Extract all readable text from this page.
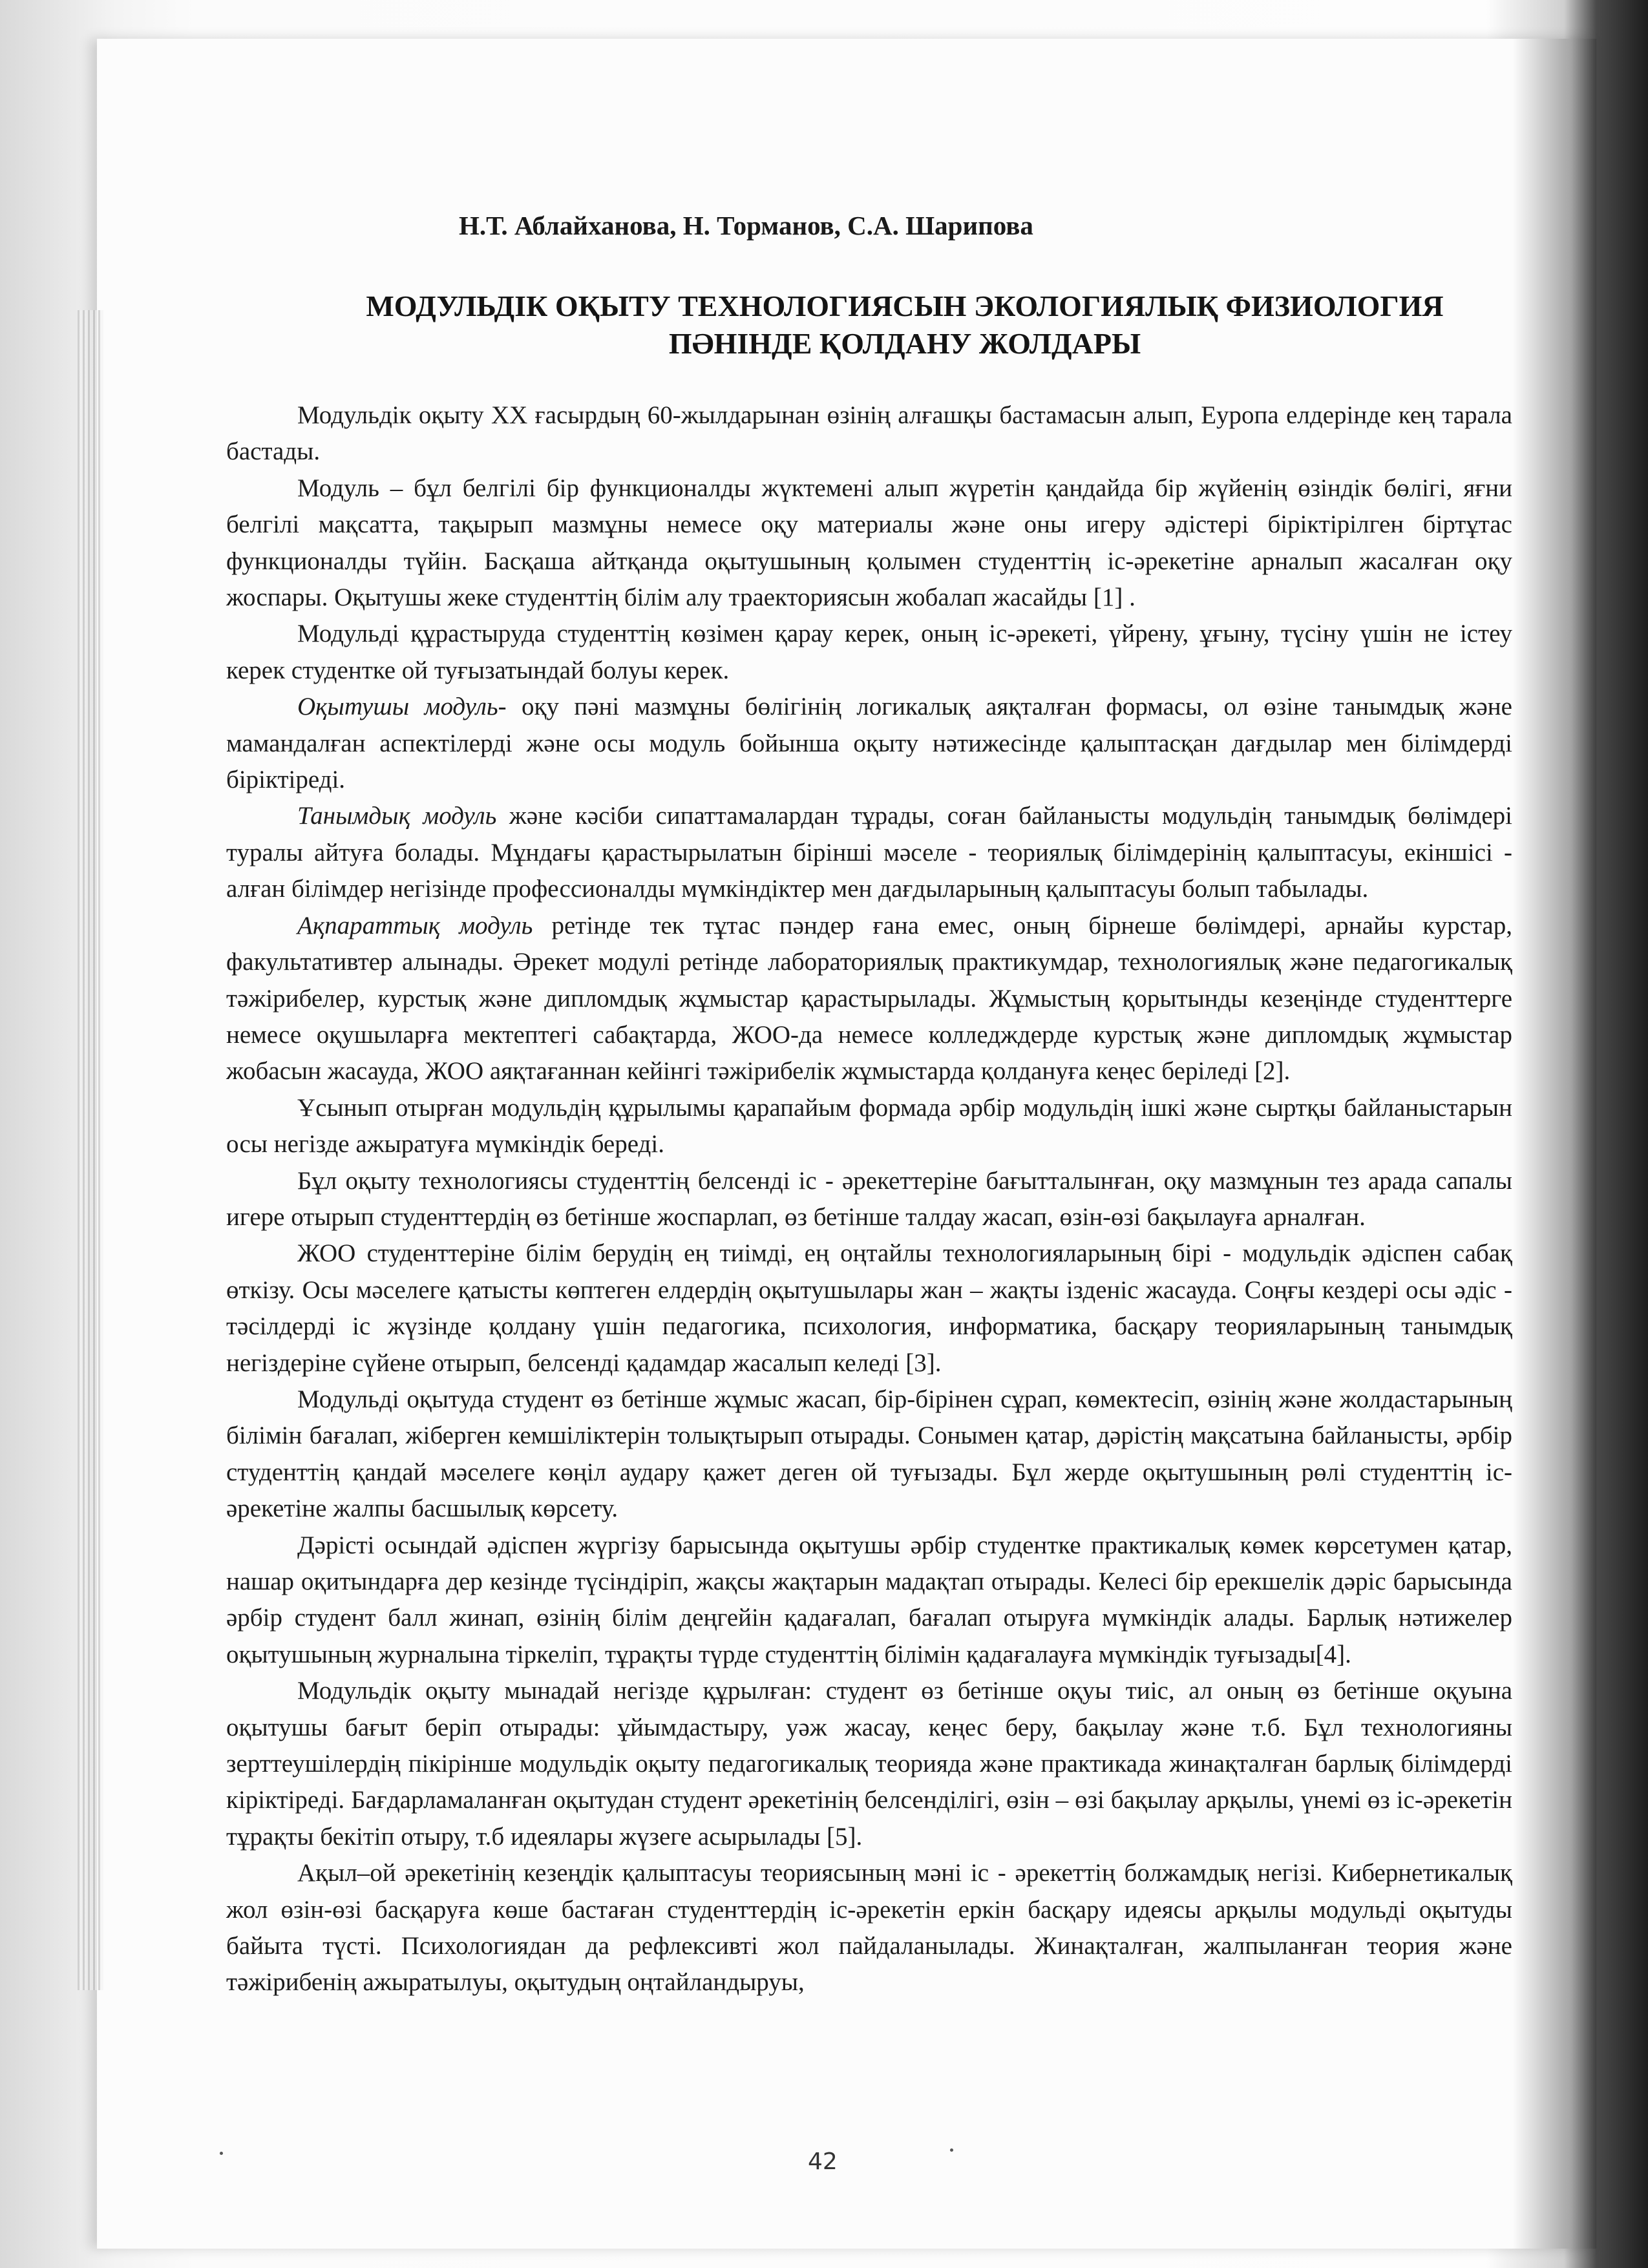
Н.Т. Аблайханова, Н. Торманов, С.А. Шарипова
МОДУЛЬДІК ОҚЫТУ ТЕХНОЛОГИЯСЫН ЭКОЛОГИЯЛЫҚ ФИЗИОЛОГИЯ
ПӘНІНДЕ ҚОЛДАНУ ЖОЛДАРЫ

Модульдік оқыту ХХ ғасырдың 60-жылдарынан өзінің алғашқы бастамасын алып, Еуропа елдерінде кең тарала бастады.

Модуль – бұл белгілі бір функционалды жүктемені алып жүретін қандайда бір жүйенің өзіндік бөлігі, яғни белгілі мақсатта, тақырып мазмұны немесе оқу материалы және оны игеру әдістері біріктірілген біртұтас функционалды түйін. Басқаша айтқанда оқытушының қолымен студенттің іс-әрекетіне арналып жасалған оқу жоспары. Оқытушы жеке студенттің білім алу траекториясын жобалап жасайды [1] .

Модульді құрастыруда студенттің көзімен қарау керек, оның іс-әрекеті, үйрену, ұғыну, түсіну үшін не істеу керек студентке ой туғызатындай болуы керек.

Оқытушы модуль- оқу пәні мазмұны бөлігінің логикалық аяқталған формасы, ол өзіне танымдық және мамандалған аспектілерді және осы модуль бойынша оқыту нәтижесінде қалыптасқан дағдылар мен білімдерді біріктіреді.

Танымдық модуль және кәсіби сипаттамалардан тұрады, соған байланысты модульдің танымдық бөлімдері туралы айтуға болады. Мұндағы қарастырылатын бірінші мәселе - теориялық білімдерінің қалыптасуы, екіншісі - алған білімдер негізінде профессионалды мүмкіндіктер мен дағдыларының қалыптасуы болып табылады.

Ақпараттық модуль ретінде тек тұтас пәндер ғана емес, оның бірнеше бөлімдері, арнайы курстар, факультативтер алынады. Әрекет модулі ретінде лабораториялық практикумдар, технологиялық және педагогикалық тәжірибелер, курстық және дипломдық жұмыстар қарастырылады. Жұмыстың қорытынды кезеңінде студенттерге немесе оқушыларға мектептегі сабақтарда, ЖОО-да немесе колледждерде курстық және дипломдық жұмыстар жобасын жасауда, ЖОО аяқтағаннан кейінгі тәжірибелік жұмыстарда қолдануға кеңес беріледі [2].

Ұсынып отырған модульдің құрылымы қарапайым формада әрбір модульдің ішкі және сыртқы байланыстарын осы негізде ажыратуға мүмкіндік береді.

Бұл оқыту технологиясы студенттің белсенді іс - әрекеттеріне бағытталынған, оқу мазмұнын тез арада сапалы игере отырып студенттердің өз бетінше жоспарлап, өз бетінше талдау жасап, өзін-өзі бақылауға арналған.

ЖОО студенттеріне білім берудің ең тиімді, ең оңтайлы технологияларының бірі - модульдік әдіспен сабақ өткізу. Осы мәселеге қатысты көптеген елдердің оқытушылары жан – жақты ізденіс жасауда. Соңғы кездері осы әдіс - тәсілдерді іс жүзінде қолдану үшін педагогика, психология, информатика, басқару теорияларының танымдық негіздеріне сүйене отырып, белсенді қадамдар жасалып келеді [3].

Модульді оқытуда студент өз бетінше жұмыс жасап, бір-бірінен сұрап, көмектесіп, өзінің және жолдастарының білімін бағалап, жіберген кемшіліктерін толықтырып отырады. Сонымен қатар, дәрістің мақсатына байланысты, әрбір студенттің қандай мәселеге көңіл аудару қажет деген ой туғызады. Бұл жерде оқытушының рөлі студенттің іс-әрекетіне жалпы басшылық көрсету.

Дәрісті осындай әдіспен жүргізу барысында оқытушы әрбір студентке практикалық көмек көрсетумен қатар, нашар оқитындарға дер кезінде түсіндіріп, жақсы жақтарын мадақтап отырады. Келесі бір ерекшелік дәріс барысында әрбір студент балл жинап, өзінің білім деңгейін қадағалап, бағалап отыруға мүмкіндік алады. Барлық нәтижелер оқытушының журналына тіркеліп, тұрақты түрде студенттің білімін қадағалауға мүмкіндік туғызады[4].

Модульдік оқыту мынадай негізде құрылған: студент өз бетінше оқуы тиіс, ал оның өз бетінше оқуына оқытушы бағыт беріп отырады: ұйымдастыру, уәж жасау, кеңес беру, бақылау және т.б. Бұл технологияны зерттеушілердің пікірінше модульдік оқыту педагогикалық теорияда және практикада жинақталған барлық білімдерді кіріктіреді. Бағдарламаланған оқытудан студент әрекетінің белсенділігі, өзін – өзі бақылау арқылы, үнемі өз іс-әрекетін тұрақты бекітіп отыру, т.б идеялары жүзеге асырылады [5].

Ақыл–ой әрекетінің кезеңдік қалыптасуы теориясының мәні іс - әрекеттің болжамдық негізі. Кибернетикалық жол өзін-өзі басқаруға көше бастаған студенттердің іс-әрекетін еркін басқару идеясы арқылы модульді оқытуды байыта түсті. Психологиядан да рефлексивті жол пайдаланылады. Жинақталған, жалпыланған теория және тәжірибенің ажыратылуы, оқытудың оңтайландыруы,

42
